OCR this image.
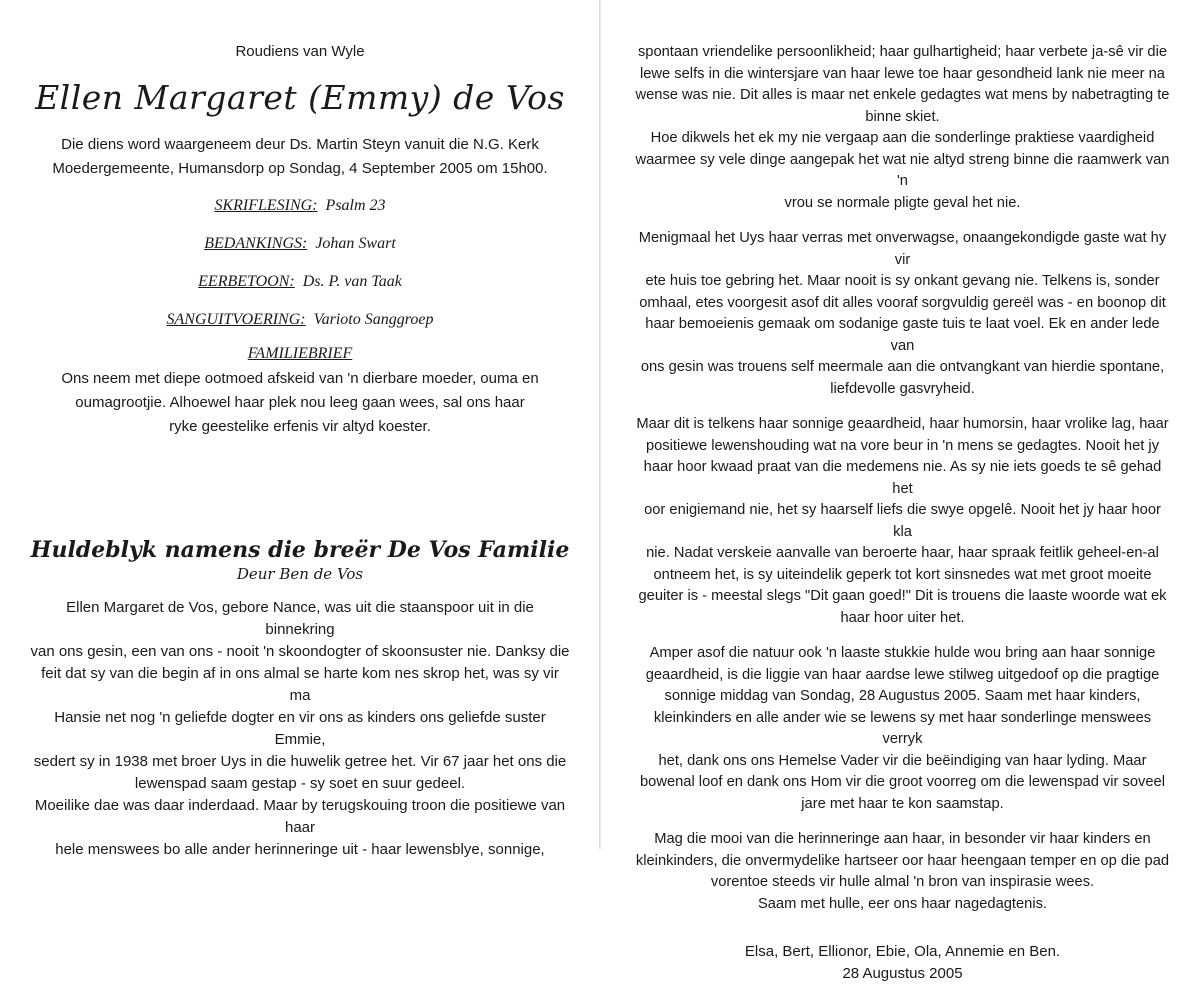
Roudiens van Wyle
Ellen Margaret (Emmy) de Vos
Die diens word waargeneem deur Ds. Martin Steyn vanuit die N.G. Kerk
Moedergemeente, Humansdorp op Sondag, 4 September 2005 om 15h00.
SKRIFLESING: Psalm 23
BEDANKINGS: Johan Swart
EERBETOON: Ds. P. van Taak
SANGUITVOERING: Varioto Sanggroep
FAMILIEBRIEF
Ons neem met diepe ootmoed afskeid van 'n dierbare moeder, ouma en
oumagrootjie. Alhoewel haar plek nou leeg gaan wees, sal ons haar
ryke geestelike erfenis vir altyd koester.
Huldeblyk namens die breër De Vos Familie
Deur Ben de Vos
Ellen Margaret de Vos, gebore Nance, was uit die staanspoor uit in die binnekring
van ons gesin, een van ons - nooit 'n skoondogter of skoonsuster nie. Danksy die
feit dat sy van die begin af in ons almal se harte kom nes skrop het, was sy vir ma
Hansie net nog 'n geliefde dogter en vir ons as kinders ons geliefde suster Emmie,
sedert sy in 1938 met broer Uys in die huwelik getree het. Vir 67 jaar het ons die
lewenspad saam gestap - sy soet en suur gedeel.
Moeilike dae was daar inderdaad. Maar by terugskouing troon die positiewe van haar
hele menswees bo alle ander herinneringe uit - haar lewensblye, sonnige,
spontaan vriendelike persoonlikheid; haar gulhartigheid; haar verbete ja-sê vir die
lewe selfs in die wintersjare van haar lewe toe haar gesondheid lank nie meer na
wense was nie. Dit alles is maar net enkele gedagtes wat mens by nabetragting te
binne skiet.
Hoe dikwels het ek my nie vergaap aan die sonderlinge praktiese vaardigheid
waarmee sy vele dinge aangepak het wat nie altyd streng binne die raamwerk van 'n
vrou se normale pligte geval het nie.
Menigmaal het Uys haar verras met onverwagse, onaangekondigde gaste wat hy vir
ete huis toe gebring het. Maar nooit is sy onkant gevang nie. Telkens is, sonder
omhaal, etes voorgesit asof dit alles vooraf sorgvuldig gereël was - en boonop dit
haar bemoeienis gemaak om sodanige gaste tuis te laat voel. Ek en ander lede van
ons gesin was trouens self meermale aan die ontvangkant van hierdie spontane,
liefdevolle gasvryheid.
Maar dit is telkens haar sonnige geaardheid, haar humorsin, haar vrolike lag, haar
positiewe lewenshouding wat na vore beur in 'n mens se gedagtes. Nooit het jy
haar hoor kwaad praat van die medemens nie. As sy nie iets goeds te sê gehad het
oor enigiemand nie, het sy haarself liefs die swye opgelê. Nooit het jy haar hoor kla
nie. Nadat verskeie aanvalle van beroerte haar, haar spraak feitlik geheel-en-al
ontneem het, is sy uiteindelik geperk tot kort sinsnedes wat met groot moeite
geuiter is - meestal slegs "Dit gaan goed!" Dit is trouens die laaste woorde wat ek
haar hoor uiter het.
Amper asof die natuur ook 'n laaste stukkie hulde wou bring aan haar sonnige
geaardheid, is die liggie van haar aardse lewe stilweg uitgedoof op die pragtige
sonnige middag van Sondag, 28 Augustus 2005. Saam met haar kinders,
kleinkinders en alle ander wie se lewens sy met haar sonderlinge menswees verryk
het, dank ons ons Hemelse Vader vir die beëindiging van haar lyding. Maar
bowenal loof en dank ons Hom vir die groot voorreg om die lewenspad vir soveel
jare met haar te kon saamstap.
Mag die mooi van die herinneringe aan haar, in besonder vir haar kinders en
kleinkinders, die onvermydelike hartseer oor haar heengaan temper en op die pad
vorentoe steeds vir hulle almal 'n bron van inspirasie wees.
Saam met hulle, eer ons haar nagedagtenis.
Elsa, Bert, Ellionor, Ebie, Ola, Annemie en Ben.
28 Augustus 2005
